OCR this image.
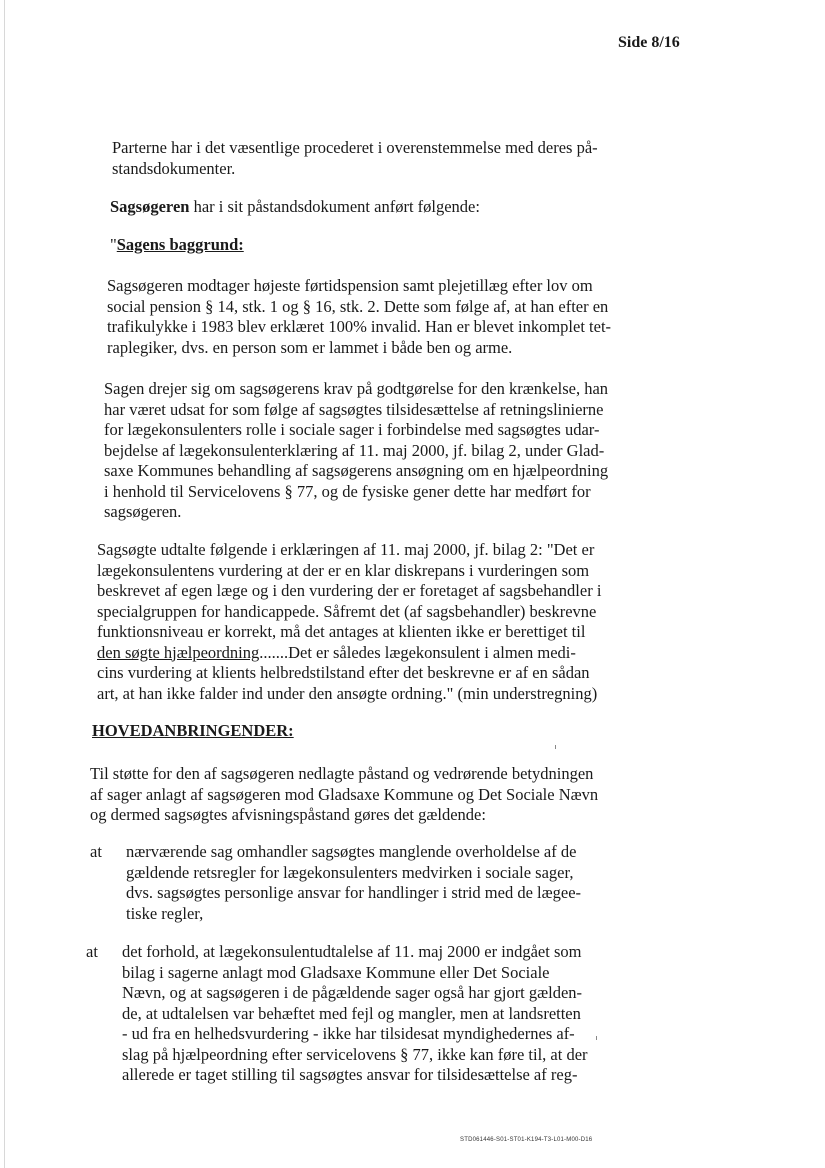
Side 8/16
Parterne har i det væsentlige procederet i overenstemmelse med deres på-
standsdokumenter.
Sagsøgeren har i sit påstandsdokument anført følgende:
"Sagens baggrund:
Sagsøgeren modtager højeste førtidspension samt plejetillæg efter lov om
social pension § 14, stk. 1 og § 16, stk. 2. Dette som følge af, at han efter en
trafikulykke i 1983 blev erklæret 100% invalid. Han er blevet inkomplet tet-
raplegiker, dvs. en person som er lammet i både ben og arme.
Sagen drejer sig om sagsøgerens krav på godtgørelse for den krænkelse, han
har været udsat for som følge af sagsøgtes tilsidesættelse af retningslinierne
for lægekonsulenters rolle i sociale sager i forbindelse med sagsøgtes udar-
bejdelse af lægekonsulenterklæring af 11. maj 2000, jf. bilag 2, under Glad-
saxe Kommunes behandling af sagsøgerens ansøgning om en hjælpeordning
i henhold til Servicelovens § 77, og de fysiske gener dette har medført for
sagsøgeren.
Sagsøgte udtalte følgende i erklæringen af 11. maj 2000, jf. bilag 2: "Det er
lægekonsulentens vurdering at der er en klar diskrepans i vurderingen som
beskrevet af egen læge og i den vurdering der er foretaget af sagsbehandler i
specialgruppen for handicappede. Såfremt det (af sagsbehandler) beskrevne
funktionsniveau er korrekt, må det antages at klienten ikke er berettiget til
den søgte hjælpeordning.......Det er således lægekonsulent i almen medi-
cins vurdering at klients helbredstilstand efter det beskrevne er af en sådan
art, at han ikke falder ind under den ansøgte ordning." (min understregning)
HOVEDANBRINGENDER:
Til støtte for den af sagsøgeren nedlagte påstand og vedrørende betydningen
af sager anlagt af sagsøgeren mod Gladsaxe Kommune og Det Sociale Nævn
og dermed sagsøgtes afvisningspåstand gøres det gældende:
at nærværende sag omhandler sagsøgtes manglende overholdelse af de
gældende retsregler for lægekonsulenters medvirken i sociale sager,
dvs. sagsøgtes personlige ansvar for handlinger i strid med de lægee-
tiske regler,
at det forhold, at lægekonsulentudtalelse af 11. maj 2000 er indgået som
bilag i sagerne anlagt mod Gladsaxe Kommune eller Det Sociale
Nævn, og at sagsøgeren i de pågældende sager også har gjort gælden-
de, at udtalelsen var behæftet med fejl og mangler, men at landsretten
- ud fra en helhedsvurdering - ikke har tilsidesat myndighedernes af-
slag på hjælpeordning efter servicelovens § 77, ikke kan føre til, at der
allerede er taget stilling til sagsøgtes ansvar for tilsidesættelse af reg-
STD061446-S01-ST01-K194-T3-L01-M00-D16
